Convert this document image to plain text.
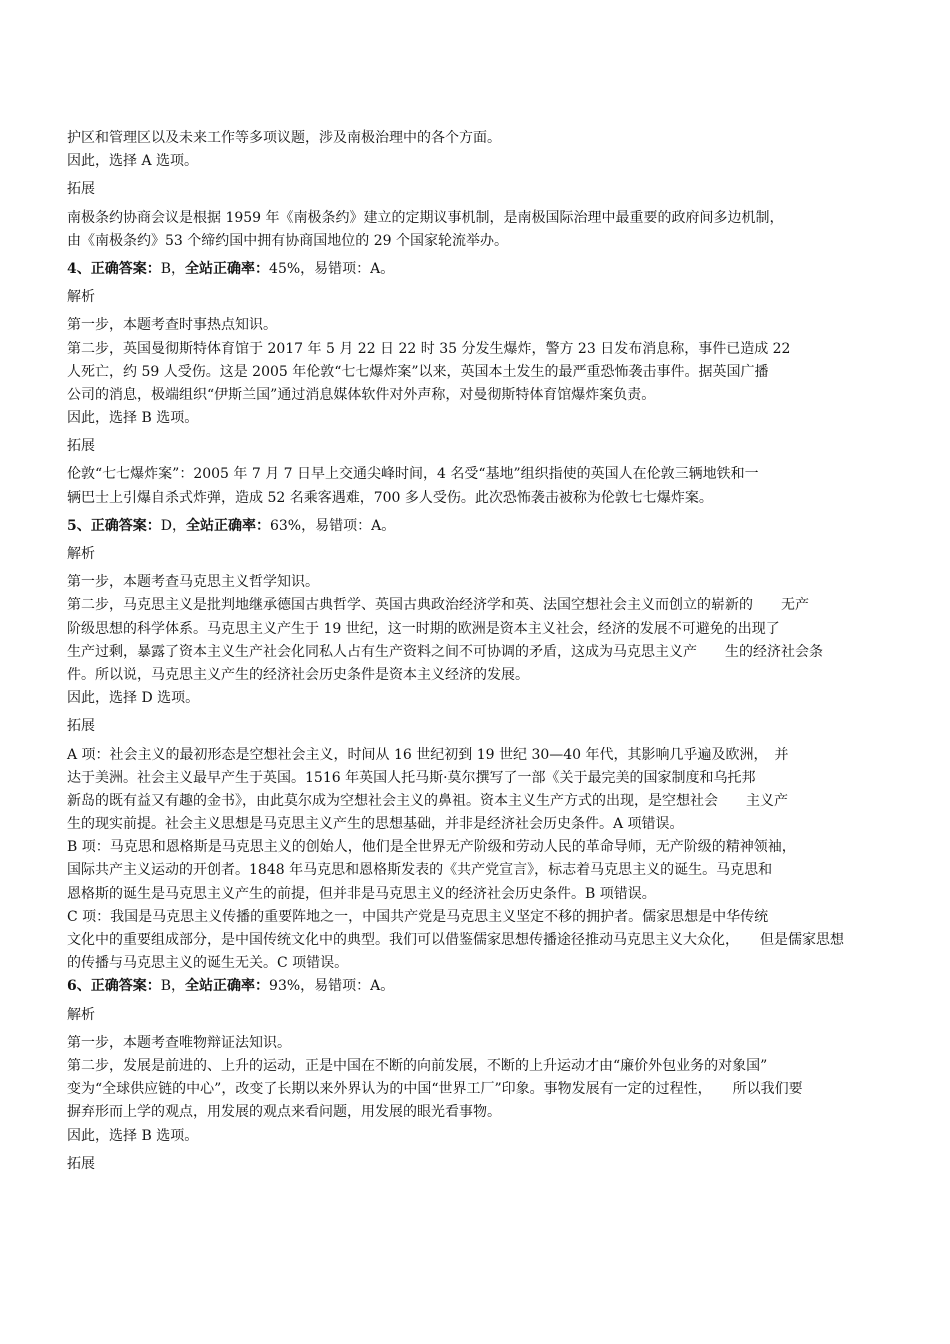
护区和管理区以及未来工作等多项议题，涉及南极治理中的各个方面。
因此，选择 A 选项。
拓展
南极条约协商会议是根据 1959 年《南极条约》建立的定期议事机制，是南极国际治理中最重要的政府间多边机制，
由《南极条约》53 个缔约国中拥有协商国地位的 29 个国家轮流举办。
4、正确答案：B，全站正确率：45%，易错项：A。
解析
第一步，本题考查时事热点知识。
第二步，英国曼彻斯特体育馆于 2017 年 5 月 22 日 22 时 35 分发生爆炸，警方 23 日发布消息称，事件已造成 22
人死亡，约 59 人受伤。这是 2005 年伦敦“七七爆炸案”以来，英国本土发生的最严重恐怖袭击事件。据英国广播
公司的消息，极端组织“伊斯兰国”通过消息媒体软件对外声称，对曼彻斯特体育馆爆炸案负责。
因此，选择 B 选项。
拓展
伦敦“七七爆炸案”：2005 年 7 月 7 日早上交通尖峰时间，4 名受“基地”组织指使的英国人在伦敦三辆地铁和一
辆巴士上引爆自杀式炸弹，造成 52 名乘客遇难，700 多人受伤。此次恐怖袭击被称为伦敦七七爆炸案。
5、正确答案：D，全站正确率：63%，易错项：A。
解析
第一步，本题考查马克思主义哲学知识。
第二步，马克思主义是批判地继承德国古典哲学、英国古典政治经济学和英、法国空想社会主义而创立的崭新的　　无产
阶级思想的科学体系。马克思主义产生于 19 世纪，这一时期的欧洲是资本主义社会，经济的发展不可避免的出现了
生产过剩，暴露了资本主义生产社会化同私人占有生产资料之间不可协调的矛盾，这成为马克思主义产　　生的经济社会条
件。所以说，马克思主义产生的经济社会历史条件是资本主义经济的发展。
因此，选择 D 选项。
拓展
A 项：社会主义的最初形态是空想社会主义，时间从 16 世纪初到 19 世纪 30—40 年代，其影响几乎遍及欧洲，　并
达于美洲。社会主义最早产生于英国。1516 年英国人托马斯·莫尔撰写了一部《关于最完美的国家制度和乌托邦
新岛的既有益又有趣的金书》，由此莫尔成为空想社会主义的鼻祖。资本主义生产方式的出现，是空想社会　　主义产
生的现实前提。社会主义思想是马克思主义产生的思想基础，并非是经济社会历史条件。A 项错误。
B 项：马克思和恩格斯是马克思主义的创始人，他们是全世界无产阶级和劳动人民的革命导师，无产阶级的精神领袖，
国际共产主义运动的开创者。1848 年马克思和恩格斯发表的《共产党宣言》，标志着马克思主义的诞生。马克思和
恩格斯的诞生是马克思主义产生的前提，但并非是马克思主义的经济社会历史条件。B 项错误。
C 项：我国是马克思主义传播的重要阵地之一，中国共产党是马克思主义坚定不移的拥护者。儒家思想是中华传统
文化中的重要组成部分，是中国传统文化中的典型。我们可以借鉴儒家思想传播途径推动马克思主义大众化，　　但是儒家思想
的传播与马克思主义的诞生无关。C 项错误。
6、正确答案：B，全站正确率：93%，易错项：A。
解析
第一步，本题考查唯物辩证法知识。
第二步，发展是前进的、上升的运动，正是中国在不断的向前发展，不断的上升运动才由“廉价外包业务的对象国”
变为“全球供应链的中心”，改变了长期以来外界认为的中国“世界工厂”印象。事物发展有一定的过程性，　　所以我们要
摒弃形而上学的观点，用发展的观点来看问题，用发展的眼光看事物。
因此，选择 B 选项。
拓展
